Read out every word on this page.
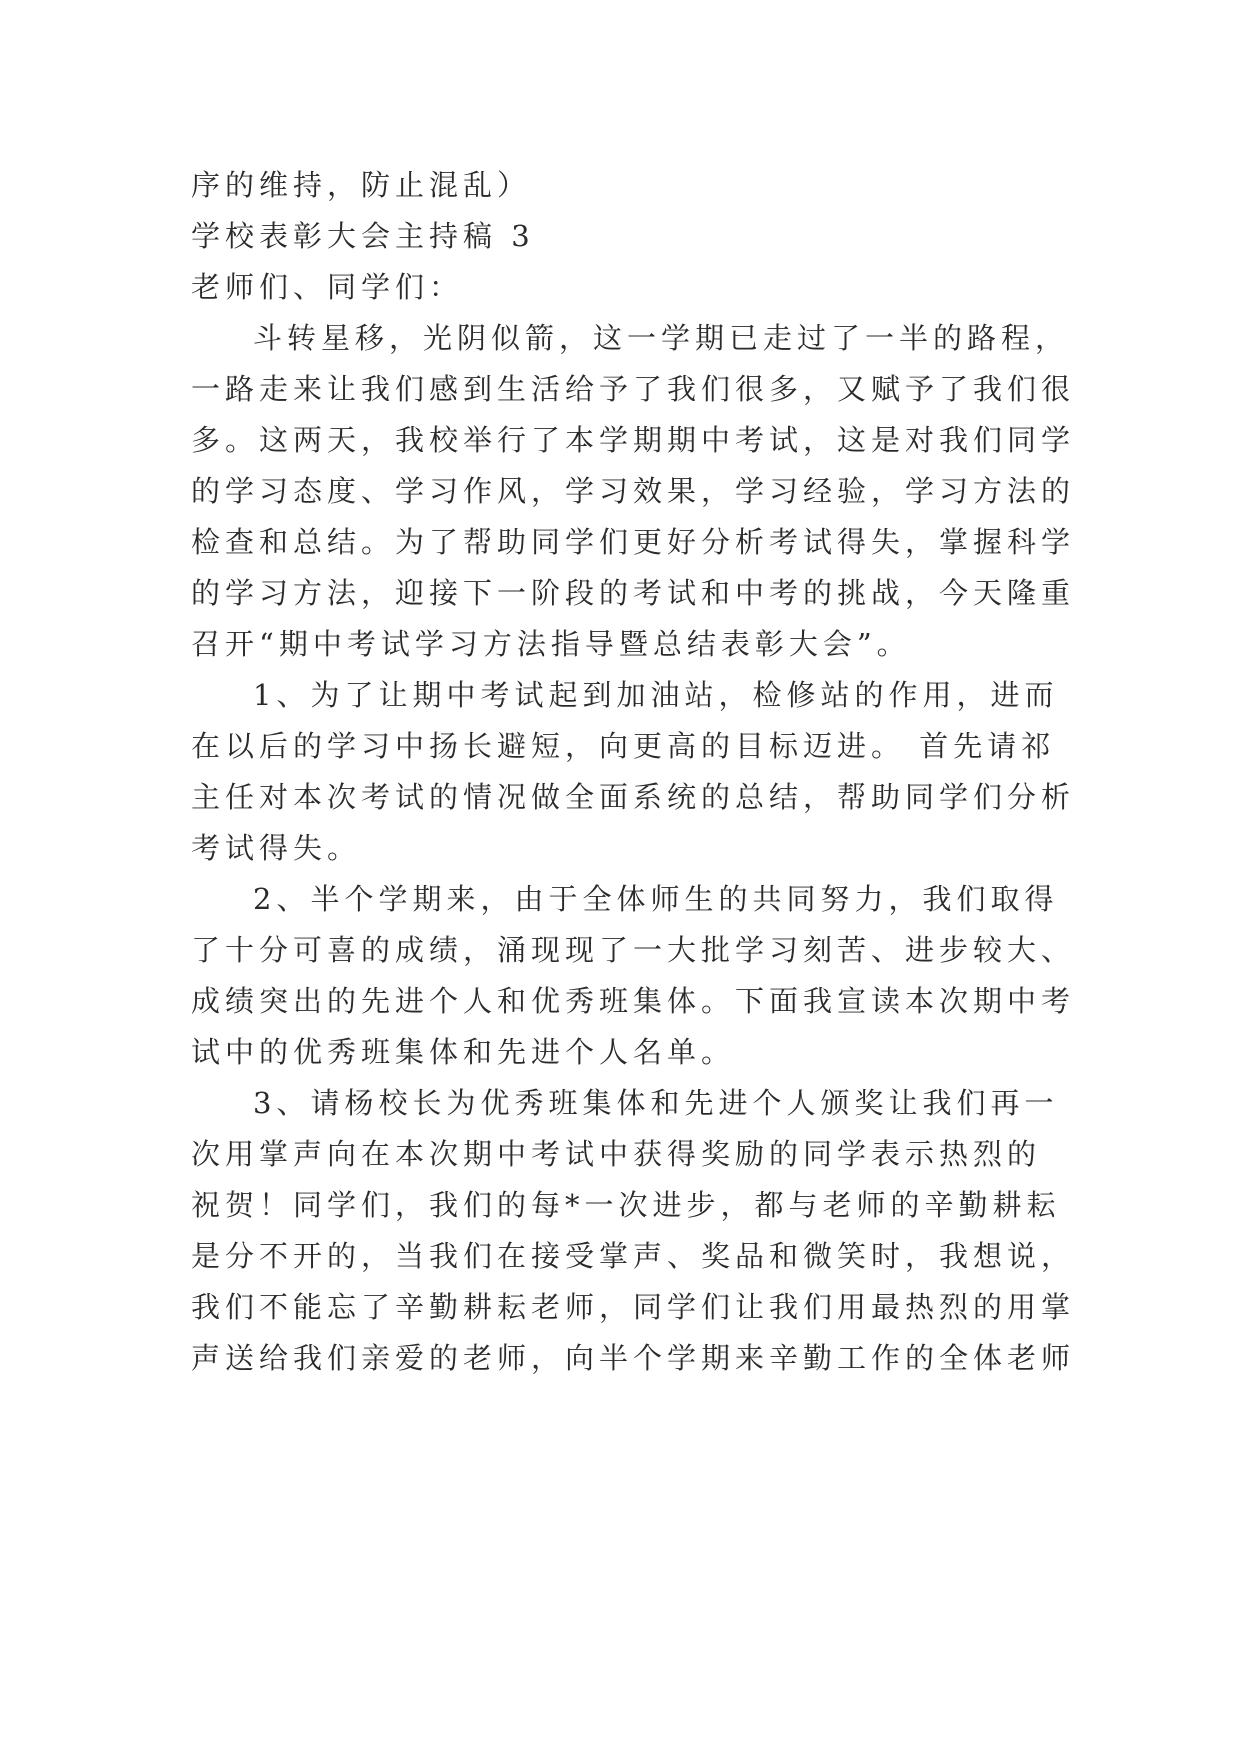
序的维持，防止混乱）
学校表彰大会主持稿 3
老师们、同学们：
斗转星移，光阴似箭，这一学期已走过了一半的路程，
一路走来让我们感到生活给予了我们很多，又赋予了我们很
多。这两天，我校举行了本学期期中考试，这是对我们同学
的学习态度、学习作风，学习效果，学习经验，学习方法的
检查和总结。为了帮助同学们更好分析考试得失，掌握科学
的学习方法，迎接下一阶段的考试和中考的挑战，今天隆重
召开“期中考试学习方法指导暨总结表彰大会”。
1、为了让期中考试起到加油站，检修站的作用，进而
在以后的学习中扬长避短，向更高的目标迈进。 首先请祁
主任对本次考试的情况做全面系统的总结，帮助同学们分析
考试得失。
2、半个学期来，由于全体师生的共同努力，我们取得
了十分可喜的成绩，涌现现了一大批学习刻苦、进步较大、
成绩突出的先进个人和优秀班集体。下面我宣读本次期中考
试中的优秀班集体和先进个人名单。
3、请杨校长为优秀班集体和先进个人颁奖让我们再一
次用掌声向在本次期中考试中获得奖励的同学表示热烈的
祝贺！同学们，我们的每*一次进步，都与老师的辛勤耕耘
是分不开的，当我们在接受掌声、奖品和微笑时，我想说，
我们不能忘了辛勤耕耘老师，同学们让我们用最热烈的用掌
声送给我们亲爱的老师，向半个学期来辛勤工作的全体老师
